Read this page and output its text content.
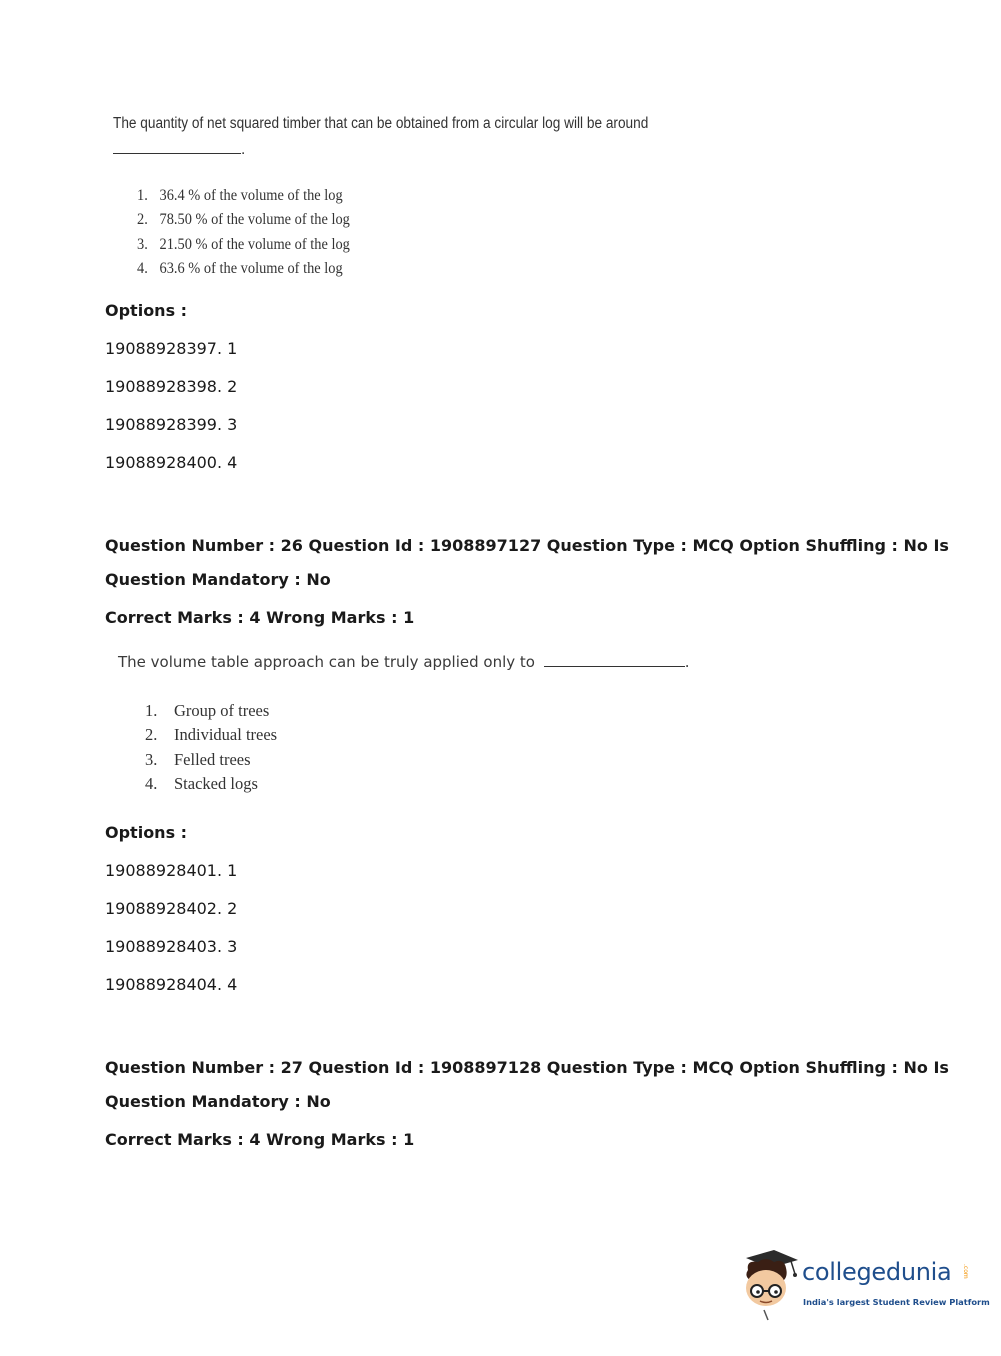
The quantity of net squared timber that can be obtained from a circular log will be around
.
1. 36.4 % of the volume of the log
2. 78.50 % of the volume of the log
3. 21.50 % of the volume of the log
4. 63.6 % of the volume of the log
Options :
19088928397. 1
19088928398. 2
19088928399. 3
19088928400. 4
Question Number : 26 Question Id : 1908897127 Question Type : MCQ Option Shuffling : No Is
Question Mandatory : No
Correct Marks : 4 Wrong Marks : 1
The volume table approach can be truly applied only to	.
1.	Group of trees
2.	Individual trees
3.	Felled trees
4.	Stacked logs
Options :
19088928401. 1
19088928402. 2
19088928403. 3
19088928404. 4
Question Number : 27 Question Id : 1908897128 Question Type : MCQ Option Shuffling : No Is
Question Mandatory : No
Correct Marks : 4 Wrong Marks : 1
collegedunia .com
India's largest Student Review Platform
